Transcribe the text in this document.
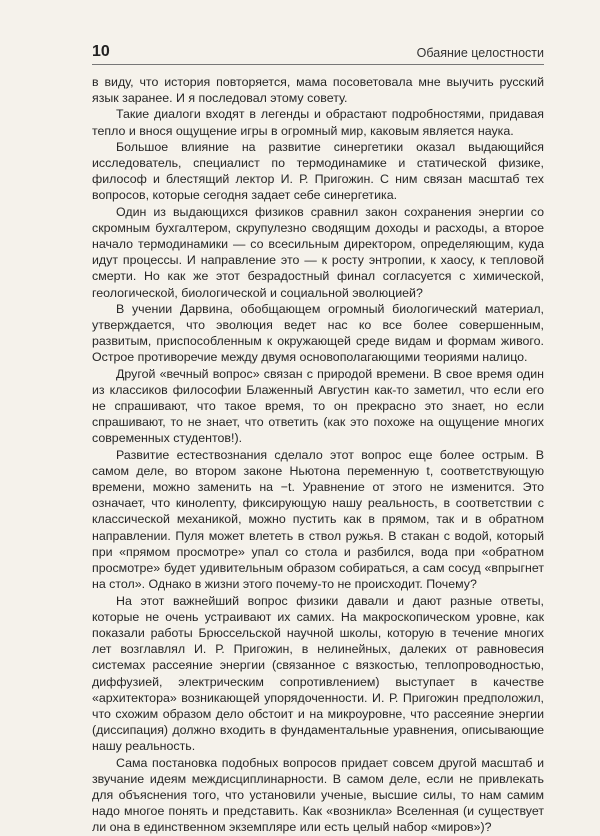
10	Обаяние целостности

в виду, что история повторяется, мама посоветовала мне выучить русский язык заранее. И я последовал этому совету.

Такие диалоги входят в легенды и обрастают подробностями, придавая тепло и внося ощущение игры в огромный мир, каковым является наука.

Большое влияние на развитие синергетики оказал выдающийся исследователь, специалист по термодинамике и статической физике, философ и блестящий лектор И. Р. Пригожин. С ним связан масштаб тех вопросов, которые сегодня задает себе синергетика.

Один из выдающихся физиков сравнил закон сохранения энергии со скромным бухгалтером, скрупулезно сводящим доходы и расходы, а второе начало термодинамики — со всесильным директором, определяющим, куда идут процессы. И направление это — к росту энтропии, к хаосу, к тепловой смерти. Но как же этот безрадостный финал согласуется с химической, геологической, биологической и социальной эволюцией?

В учении Дарвина, обобщающем огромный биологический материал, утверждается, что эволюция ведет нас ко все более совершенным, развитым, приспособленным к окружающей среде видам и формам живого. Острое противоречие между двумя основополагающими теориями налицо.

Другой «вечный вопрос» связан с природой времени. В свое время один из классиков философии Блаженный Августин как-то заметил, что если его не спрашивают, что такое время, то он прекрасно это знает, но если спрашивают, то не знает, что ответить (как это похоже на ощущение многих современных студентов!).

Развитие естествознания сделало этот вопрос еще более острым. В самом деле, во втором законе Ньютона переменную t, соответствующую времени, можно заменить на −t. Уравнение от этого не изменится. Это означает, что кинолenту, фиксирующую нашу реальность, в соответствии с классической механикой, можно пустить как в прямом, так и в обратном направлении. Пуля может влететь в ствол ружья. В стакан с водой, который при «прямом просмотре» упал со стола и разбился, вода при «обратном просмотре» будет удивительным образом собираться, а сам сосуд «впрыгнет на стол». Однако в жизни этого почему-то не происходит. Почему?

На этот важнейший вопрос физики давали и дают разные ответы, которые не очень устраивают их самих. На макроскопическом уровне, как показали работы Брюссельской научной школы, которую в течение многих лет возглавлял И. Р. Пригожин, в нелинейных, далеких от равновесия системах рассеяние энергии (связанное с вязкостью, теплопроводностью, диффузией, электрическим сопротивлением) выступает в качестве «архитектора» возникающей упорядоченности. И. Р. Пригожин предположил, что схожим образом дело обстоит и на микроуровне, что рассеяние энергии (диссипация) должно входить в фундаментальные уравнения, описывающие нашу реальность.

Сама постановка подобных вопросов придает совсем другой масштаб и звучание идеям междисциплинарности. В самом деле, если не привлекать для объяснения того, что установили ученые, высшие силы, то нам самим надо многое понять и представить. Как «возникла» Вселенная (и существует ли она в единственном экземпляре или есть целый набор «миров»)?
